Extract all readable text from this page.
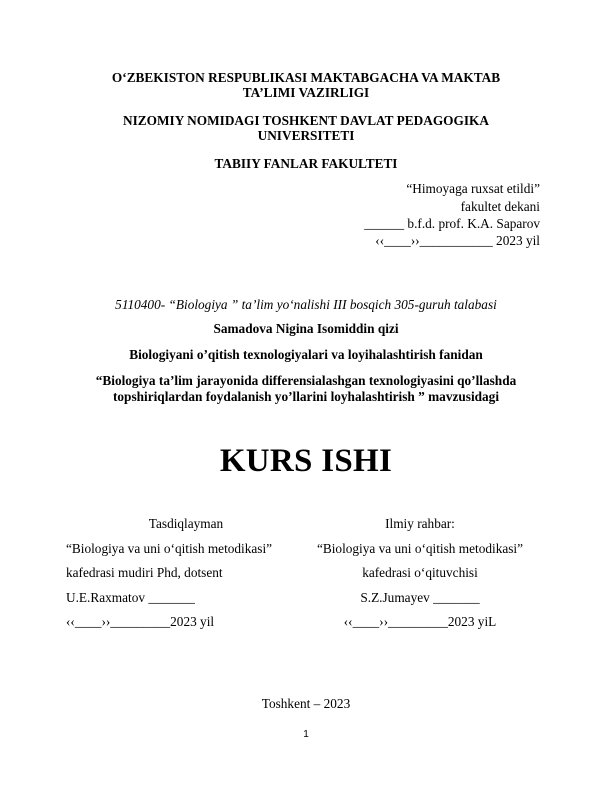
O‘ZBEKISTON RESPUBLIKASI MAKTABGACHA VA MAKTAB
TA’LIMI VAZIRLIGI
NIZOMIY NOMIDAGI TOSHKENT DAVLAT PEDAGOGIKA
UNIVERSITETI
TABIIY FANLAR FAKULTETI
“Himoyaga ruxsat etildi”
fakultet dekani
______ b.f.d. prof. K.A. Saparov
‹‹____››___________ 2023 yil
5110400- “Biologiya ” ta’lim yo‘nalishi III bosqich 305-guruh talabasi
Samadova Nigina Isomiddin qizi
Biologiyani o’qitish texnologiyalari va loyihalashtirish fanidan
“Biologiya ta’lim jarayonida differensialashgan texnologiyasini qo’llashda
topshiriqlardan foydalanish yo’llarini loyhalashtirish ” mavzusidagi
KURS ISHI
Tasdiqlayman
“Biologiya va uni o‘qitish metodikasi”
kafedrasi mudiri Phd, dotsent
U.E.Raxmatov _______
‹‹____››_________2023 yil
Ilmiy rahbar:
“Biologiya va uni o‘qitish metodikasi”
kafedrasi o‘qituvchisi
S.Z.Jumayev _______
‹‹____››_________2023 yiL
Toshkent – 2023
1
